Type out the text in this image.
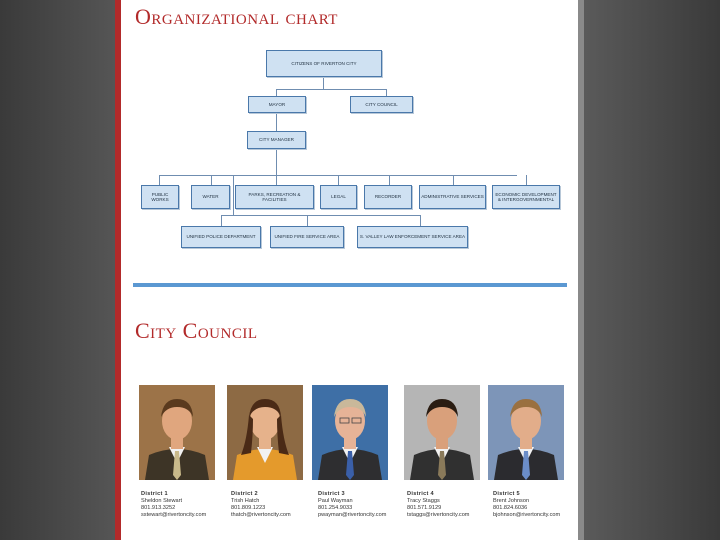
Organizational chart
CITIZENS OF RIVERTON CITY
MAYOR	CITY COUNCIL
CITY MANAGER
PUBLIC WORKS
WATER
PARKS, RECREATION & FACILITIES
LEGAL	RECORDER	ADMINISTRATIVE SERVICES
ECONOMIC DEVELOPMENT & INTERGOVERNMENTAL
UNIFIED POLICE DEPARTMENT	UNIFIED FIRE SERVICE AREA	S. VALLEY LAW ENFORCEMENT SERVICE AREA
City Council
District 1
Sheldon Stewart
801.913.3252
sstewart@rivertoncity.com
District 2
Trish Hatch
801.809.1223
thatch@rivertoncity.com
District 3
Paul Wayman
801.254.9033
pwayman@rivertoncity.com
District 4
Tracy Staggs
801.571.9129
tstaggs@rivertoncity.com
District 5
Brent Johnson
801.824.6036
bjohnson@rivertoncity.com
